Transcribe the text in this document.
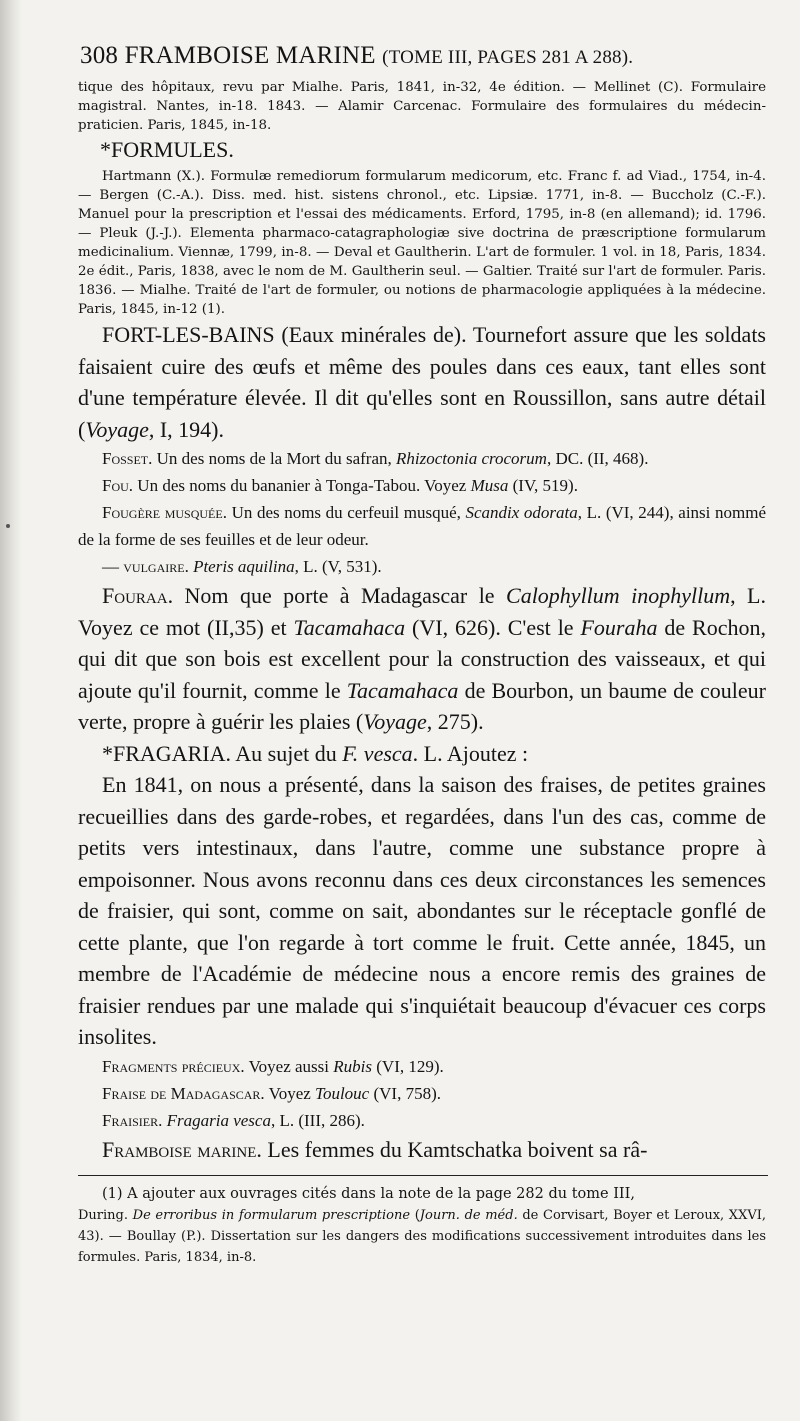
308 FRAMBOISE MARINE (TOME III, PAGES 281 A 288).

tique des hôpitaux, revu par Mialhe. Paris, 1841, in-32, 4e édition. — Mellinet (C). Formulaire magistral. Nantes, in-18. 1843. — Alamir Carcenac. Formulaire des formulaires du médecin-praticien. Paris, 1845, in-18.

*FORMULES.

Hartmann (X.). Formulæ remediorum formularum medicorum, etc. Franc f. ad Viad., 1754, in-4. — Bergen (C.-A.). Diss. med. hist. sistens chronol., etc. Lipsiæ. 1771, in-8. — Buccholz (C.-F.). Manuel pour la prescription et l'essai des médicaments. Erford, 1795, in-8 (en allemand); id. 1796. — Pleuk (J.-J.). Elementa pharmaco-catagraphologiæ sive doctrina de præscriptione formularum medicinalium. Viennæ, 1799, in-8. — Deval et Gaultherin. L'art de formuler. 1 vol. in 18, Paris, 1834. 2e édit., Paris, 1838, avec le nom de M. Gaultherin seul. — Galtier. Traité sur l'art de formuler. Paris. 1836. — Mialhe. Traité de l'art de formuler, ou notions de pharmacologie appliquées à la médecine. Paris, 1845, in-12 (1).

FORT-LES-BAINS (Eaux minérales de). Tournefort assure que les soldats faisaient cuire des œufs et même des poules dans ces eaux, tant elles sont d'une température élevée. Il dit qu'elles sont en Roussillon, sans autre détail (Voyage, I, 194).

Fosset. Un des noms de la Mort du safran, Rhizoctonia crocorum, DC. (II, 468).

Fou. Un des noms du bananier à Tonga-Tabou. Voyez Musa (IV, 519).

Fougère musquée. Un des noms du cerfeuil musqué, Scandix odorata, L. (VI, 244), ainsi nommé de la forme de ses feuilles et de leur odeur.

— vulgaire. Pteris aquilina, L. (V, 531).

Fouraa. Nom que porte à Madagascar le Calophyllum inophyllum, L. Voyez ce mot (II,35) et Tacamahaca (VI, 626). C'est le Fouraha de Rochon, qui dit que son bois est excellent pour la construction des vaisseaux, et qui ajoute qu'il fournit, comme le Tacamahaca de Bourbon, un baume de couleur verte, propre à guérir les plaies (Voyage, 275).

*FRAGARIA. Au sujet du F. vesca. L. Ajoutez :

En 1841, on nous a présenté, dans la saison des fraises, de petites graines recueillies dans des garde-robes, et regardées, dans l'un des cas, comme de petits vers intestinaux, dans l'autre, comme une substance propre à empoisonner. Nous avons reconnu dans ces deux circonstances les semences de fraisier, qui sont, comme on sait, abondantes sur le réceptacle gonflé de cette plante, que l'on regarde à tort comme le fruit. Cette année, 1845, un membre de l'Académie de médecine nous a encore remis des graines de fraisier rendues par une malade qui s'inquiétait beaucoup d'évacuer ces corps insolites.

Fragments précieux. Voyez aussi Rubis (VI, 129).

Fraise de Madagascar. Voyez Toulouc (VI, 758).

Fraisier. Fragaria vesca, L. (III, 286).

Framboise marine. Les femmes du Kamtschatka boivent sa râ-

(1) A ajouter aux ouvrages cités dans la note de la page 282 du tome III,

During. De erroribus in formularum prescriptione (Journ. de méd. de Corvisart, Boyer et Leroux, XXVI, 43). — Boullay (P.). Dissertation sur les dangers des modifications successivement introduites dans les formules. Paris, 1834, in-8.
